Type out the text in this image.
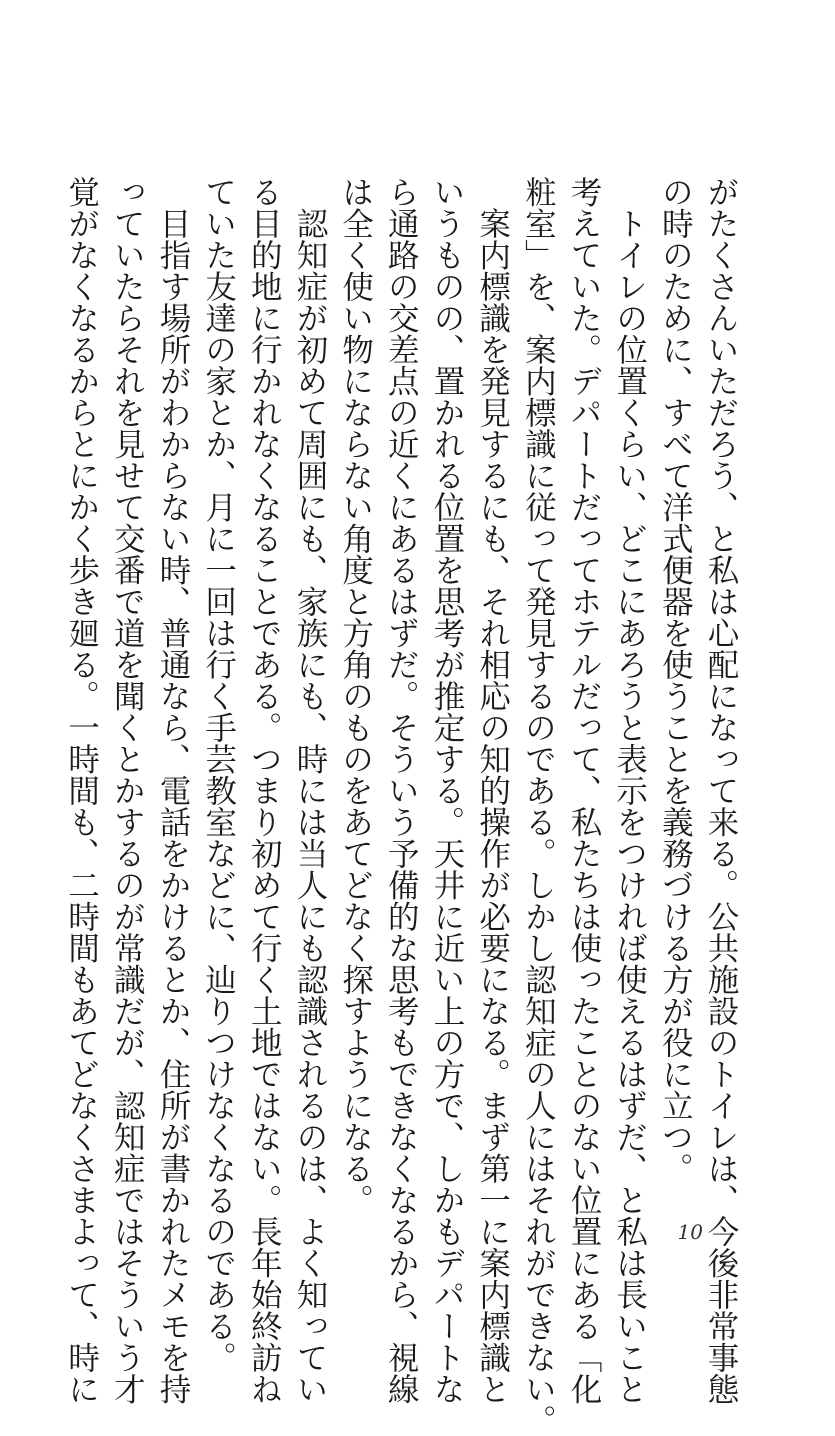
がたくさんいただろう、と私は心配になって来る。公共施設のトイレは、今後非常事態
の時のために、すべて洋式便器を使うことを義務づける方が役に立つ。
　トイレの位置くらい、どこにあろうと表示をつければ使えるはずだ、と私は長いこと
考えていた。デパートだってホテルだって、私たちは使ったことのない位置にある「化
粧室」を、案内標識に従って発見するのである。しかし認知症の人にはそれができない。
　案内標識を発見するにも、それ相応の知的操作が必要になる。まず第一に案内標識と
いうものの、置かれる位置を思考が推定する。天井に近い上の方で、しかもデパートな
ら通路の交差点の近くにあるはずだ。そういう予備的な思考もできなくなるから、視線
は全く使い物にならない角度と方角のものをあてどなく探すようになる。
　認知症が初めて周囲にも、家族にも、時には当人にも認識されるのは、よく知ってい
る目的地に行かれなくなることである。つまり初めて行く土地ではない。長年始終訪ね
ていた友達の家とか、月に一回は行く手芸教室などに、辿りつけなくなるのである。
　目指す場所がわからない時、普通なら、電話をかけるとか、住所が書かれたメモを持
っていたらそれを見せて交番で道を聞くとかするのが常識だが、認知症ではそういう才
覚がなくなるからとにかく歩き廻る。一時間も、二時間もあてどなくさまよって、時に	10
